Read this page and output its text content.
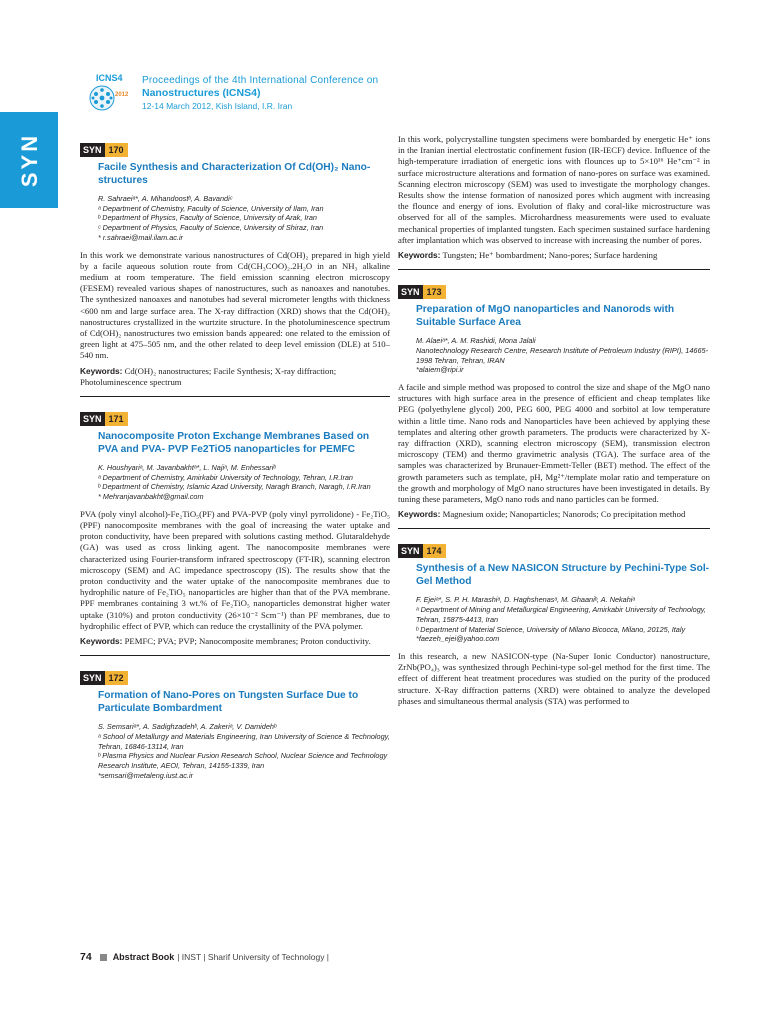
ICNS4
2012
Proceedings of the 4th International Conference on
Nanostructures (ICNS4)
12-14 March 2012, Kish Island, I.R. Iran
SYN	SYN 170
Facile Synthesis and Characterization Of Cd(OH)₂ Nano-structures
R. Sahraeiᵃ*, A. Mihandoostᵇ, A. Bavandiᶜ
ᵃ Department of Chemistry, Faculty of Science, University of Ilam, Iran
ᵇ Department of Physics, Faculty of Science, University of Arak, Iran
ᶜ Department of Physics, Faculty of Science, University of Shiraz, Iran
* r.sahraei@mail.ilam.ac.ir
In this work we demonstrate various nanostructures of Cd(OH)₂ prepared in high yield by a facile aqueous solution route from Cd(CH₃COO)₂.2H₂O in an NH₃ alkaline medium at room temperature. The field emission scanning electron microscopy (FESEM) revealed various shapes of nanostructures, such as nanoaxes and nanotubes. The synthesized nanoaxes and nanotubes had several micrometer lengths with thickness <600 nm and large surface area. The X-ray diffraction (XRD) shows that the Cd(OH)₂ nanostructures crystallized in the wurtzite structure. In the photoluminescence spectrum of Cd(OH)₂ nanostructures two emission bands appeared: one related to the emission of green light at 475–505 nm, and the other related to deep level emission (DLE) at 510–540 nm.
Keywords: Cd(OH)₂ nanostructures; Facile Synthesis; X-ray diffraction; Photoluminescence spectrum
SYN 171
Nanocomposite Proton Exchange Membranes Based on PVA and PVA- PVP Fe2TiO5 nanoparticles for PEMFC
K. Houshyariᵃ, M. Javanbakhtᵃ*, L. Najiᵃ, M. Enhessariᵇ
ᵃ Department of Chemistry, Amirkabir University of Technology, Tehran, I.R.Iran
ᵇ Department of Chemistry, Islamic Azad University, Naragh Branch, Naragh, I.R.Iran
* Mehranjavanbakht@gmail.com
PVA (poly vinyl alcohol)-Fe₂TiO₅(PF) and PVA-PVP (poly vinyl pyrrolidone) - Fe₂TiO₅ (PPF) nanocomposite membranes with the goal of increasing the water uptake and proton conductivity, have been prepared with solutions casting method. Glutaraldehyde (GA) was used as cross linking agent. The nanocomposite membranes were characterized using Fourier-transform infrared spectroscopy (FT-IR), scanning electron microscopy (SEM) and AC impedance spectroscopy (IS). The results show that the proton conductivity and the water uptake of the nanocomposite membranes due to hydrophilic nature of Fe₂TiO₅ nanoparticles are higher than that of the PVA membrane. PPF membranes containing 3 wt.% of Fe₂TiO₅ nanoparticles demonstrat higher water uptake (310%) and proton conductivity (26×10⁻² Scm⁻¹) than PF membranes, due to hydrophilic effect of PVP, which can reduce the crystallinity of the PVA polymer.
Keywords: PEMFC; PVA; PVP; Nanocomposite membranes; Proton conductivity.
SYN 172
Formation of Nano-Pores on Tungsten Surface Due to Particulate Bombardment
S. Semsariᵃ*, A. Sadighzadehᵇ, A. Zakeriᵃ, V. Damidehᵇ
ᵃ School of Metallurgy and Materials Engineering, Iran University of Science & Technology, Tehran, 16846-13114, Iran
ᵇ Plasma Physics and Nuclear Fusion Research School, Nuclear Science and Technology Research Institute, AEOI, Tehran, 14155-1339, Iran
*semsari@metaleng.iust.ac.ir
In this work, polycrystalline tungsten specimens were bombarded by energetic He⁺ ions in the Iranian inertial electrostatic confinement fusion (IR-IECF) device. Influence of the high-temperature irradiation of energetic ions with flounces up to 5×10¹⁶ He⁺cm⁻² in surface microstructure alterations and formation of nano-pores on surface was examined. Scanning electron microscopy (SEM) was used to investigate the morphology changes. Results show the intense formation of nanosized pores which augment with increasing the flounce and energy of ions. Evolution of flaky and coral-like microstructure was observed for all of the samples. Microhardness measurements were used to evaluate mechanical properties of implanted tungsten. Each specimen sustained surface hardening after implantation which was observed to increase with increasing the number of pores.
Keywords: Tungsten; He⁺ bombardment; Nano-pores; Surface hardening
SYN 173
Preparation of MgO nanoparticles and Nanorods with Suitable Surface Area
M. Alaeiᵃ*, A. M. Rashidi, Mona Jalali
Nanotechnology Research Centre, Research Institute of Petroleum Industry (RIPI), 14665-1998 Tehran, Tehran, IRAN
*alaiem@ripi.ir
A facile and simple method was proposed to control the size and shape of the MgO nano structures with high surface area in the presence of efficient and cheap templates like PEG (polyethylene glycol) 200, PEG 600, PEG 4000 and sorbitol at low temperature within a little time. Nano rods and Nanoparticles have been achieved by applying these templates and altering other growth parameters. The products were characterized by X-ray diffraction (XRD), scanning electron microscopy (SEM), transmission electron microscopy (TEM) and thermo gravimetric analysis (TGA). The surface area of the samples was characterized by Brunauer-Emmett-Teller (BET) method. The effect of the growth parameters such as template, pH, Mg²⁺/template molar ratio and temperature on the growth and morphology of MgO nano structures have been investigated in details. By tuning these parameters, MgO nano rods and nano particles can be formed.
Keywords: Magnesium oxide; Nanoparticles; Nanorods; Co precipitation method
SYN 174
Synthesis of a New NASICON Structure by Pechini-Type Sol-Gel Method
F. Ejeiᵃ*, S. P. H. Marashiᵃ, D. Haghshenasᵃ, M. Ghaaniᵇ, A. Nekahiᵃ
ᵃ Department of Mining and Metallurgical Engineering, Amirkabir University of Technology, Tehran, 15875-4413, Iran
ᵇ Department of Material Science, University of Milano Bicocca, Milano, 20125, Italy
*faezeh_ejei@yahoo.com
In this research, a new NASICON-type (Na-Super Ionic Conductor) nanostructure, ZrNb(PO₄)₃ was synthesized through Pechini-type sol-gel method for the first time. The effect of different heat treatment procedures was studied on the purity of the produced structure. X-Ray diffraction patterns (XRD) were obtained to analyze the developed phases and simultaneous thermal analysis (STA) was performed to
74 Abstract Book | INST | Sharif University of Technology |
